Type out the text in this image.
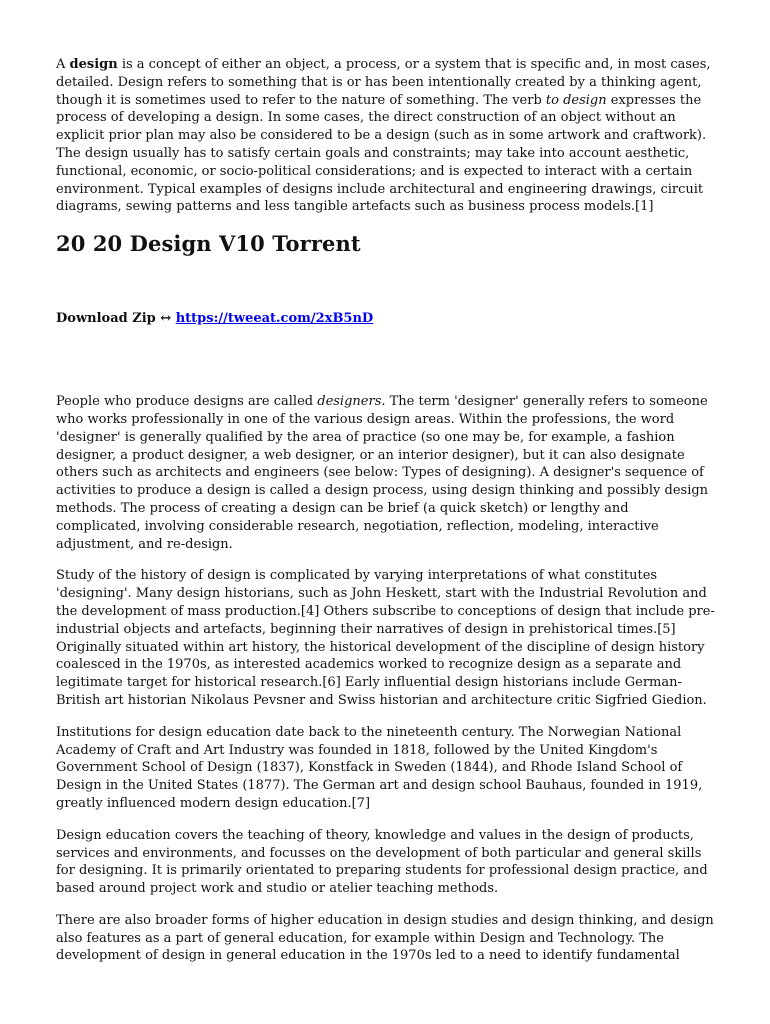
A design is a concept of either an object, a process, or a system that is specific and, in most cases, detailed. Design refers to something that is or has been intentionally created by a thinking agent, though it is sometimes used to refer to the nature of something. The verb to design expresses the process of developing a design. In some cases, the direct construction of an object without an explicit prior plan may also be considered to be a design (such as in some artwork and craftwork). The design usually has to satisfy certain goals and constraints; may take into account aesthetic, functional, economic, or socio-political considerations; and is expected to interact with a certain environment. Typical examples of designs include architectural and engineering drawings, circuit diagrams, sewing patterns and less tangible artefacts such as business process models.[1]

20 20 Design V10 Torrent

Download Zip ↔ https://tweeat.com/2xB5nD

People who produce designs are called designers. The term 'designer' generally refers to someone who works professionally in one of the various design areas. Within the professions, the word 'designer' is generally qualified by the area of practice (so one may be, for example, a fashion designer, a product designer, a web designer, or an interior designer), but it can also designate others such as architects and engineers (see below: Types of designing). A designer's sequence of activities to produce a design is called a design process, using design thinking and possibly design methods. The process of creating a design can be brief (a quick sketch) or lengthy and complicated, involving considerable research, negotiation, reflection, modeling, interactive adjustment, and re-design.

Study of the history of design is complicated by varying interpretations of what constitutes 'designing'. Many design historians, such as John Heskett, start with the Industrial Revolution and the development of mass production.[4] Others subscribe to conceptions of design that include pre-industrial objects and artefacts, beginning their narratives of design in prehistorical times.[5] Originally situated within art history, the historical development of the discipline of design history coalesced in the 1970s, as interested academics worked to recognize design as a separate and legitimate target for historical research.[6] Early influential design historians include German-British art historian Nikolaus Pevsner and Swiss historian and architecture critic Sigfried Giedion.

Institutions for design education date back to the nineteenth century. The Norwegian National Academy of Craft and Art Industry was founded in 1818, followed by the United Kingdom's Government School of Design (1837), Konstfack in Sweden (1844), and Rhode Island School of Design in the United States (1877). The German art and design school Bauhaus, founded in 1919, greatly influenced modern design education.[7]

Design education covers the teaching of theory, knowledge and values in the design of products, services and environments, and focusses on the development of both particular and general skills for designing. It is primarily orientated to preparing students for professional design practice, and based around project work and studio or atelier teaching methods.

There are also broader forms of higher education in design studies and design thinking, and design also features as a part of general education, for example within Design and Technology. The development of design in general education in the 1970s led to a need to identify fundamental
